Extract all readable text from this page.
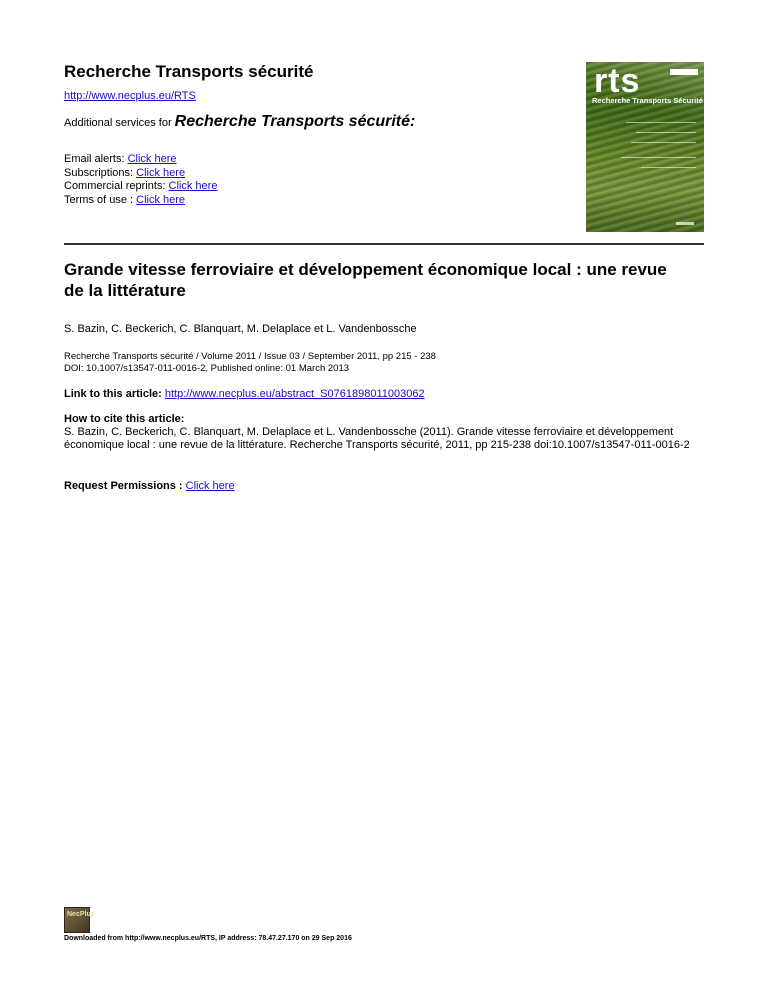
Recherche Transports sécurité
http://www.necplus.eu/RTS
Additional services for Recherche Transports sécurité:
Email alerts: Click here
Subscriptions: Click here
Commercial reprints: Click here
Terms of use : Click here
rts
Recherche Transports Sécurité
Grande vitesse ferroviaire et développement économique local : une revue de la littérature
S. Bazin, C. Beckerich, C. Blanquart, M. Delaplace et L. Vandenbossche
Recherche Transports sécurité / Volume 2011 / Issue 03 / September 2011, pp 215 - 238
DOI: 10.1007/s13547-011-0016-2, Published online: 01 March 2013
Link to this article: http://www.necplus.eu/abstract_S0761898011003062
How to cite this article:
S. Bazin, C. Beckerich, C. Blanquart, M. Delaplace et L. Vandenbossche (2011). Grande vitesse ferroviaire et développement économique local : une revue de la littérature. Recherche Transports sécurité, 2011, pp 215-238 doi:10.1007/s13547-011-0016-2
Request Permissions : Click here
NecPlus
Downloaded from http://www.necplus.eu/RTS, IP address: 78.47.27.170 on 29 Sep 2016
